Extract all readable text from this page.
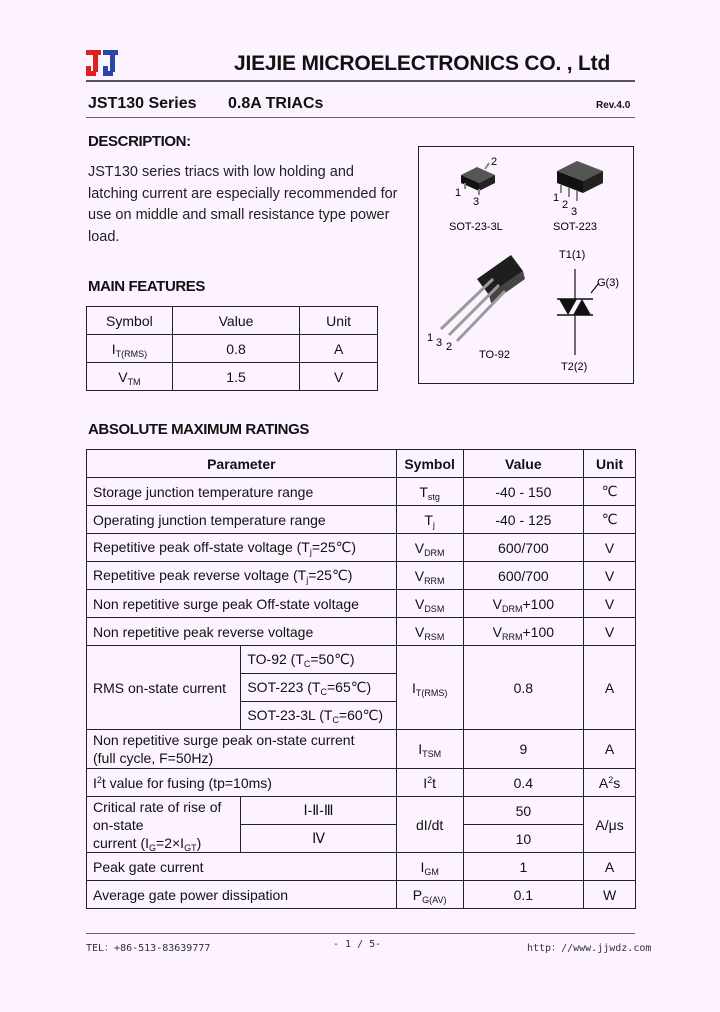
JIEJIE MICROELECTRONICS CO. , Ltd
JST130 Series 0.8A TRIACs	Rev.4.0
DESCRIPTION:
JST130 series triacs with low holding and latching current are especially recommended for use on middle and small resistance type power load.
2
1
3
SOT-23-3L
1
2
3
SOT-223
1 3 2
TO-92
T1(1)
G(3)
T2(2)
MAIN FEATURES
Symbol	Value	Unit
$I_{T(RMS)}$	0.8	A
$V_{TM}$	1.5	V
ABSOLUTE MAXIMUM RATINGS
Parameter		Symbol	Value	Unit
Storage junction temperature range		$T_{stg}$	-40 - 150	℃
Operating junction temperature range		$T_j$	-40 - 125	℃
Repetitive peak off-state voltage $(T_j=25℃)$		$V_{DRM}$	600/700	V
Repetitive peak reverse voltage $(T_j=25℃)$		$V_{RRM}$	600/700	V
Non repetitive surge peak Off-state voltage		$V_{DSM}$	$V_{DRM}+100$	V
Non repetitive peak reverse voltage		$V_{RSM}$	$V_{RRM}+100$	V
RMS on-state current	TO-92 $(T_C=50℃)$	$I_{T(RMS)}$	0.8	A
	SOT-223 $(T_C=65℃)$			
	SOT-23-3L $(T_C=60℃)$			
Non repetitive surge peak on-state current
(full cycle, F=50Hz)		$I_{TSM}$	9	A
$I^2t$ value for fusing (tp=10ms)		$I^2t$	0.4	$A^2s$
Critical rate of rise of on-state
current $(I_G=2\times I_{GT})$	Ⅰ-Ⅱ-Ⅲ	dI/dt	50	A/μs
	Ⅳ		10	
Peak gate current		$I_{GM}$	1	A
Average gate power dissipation		$P_{G(AV)}$	0.1	W
TEL：+86-513-83639777	- 1 / 5-	http：//www.jjwdz.com
